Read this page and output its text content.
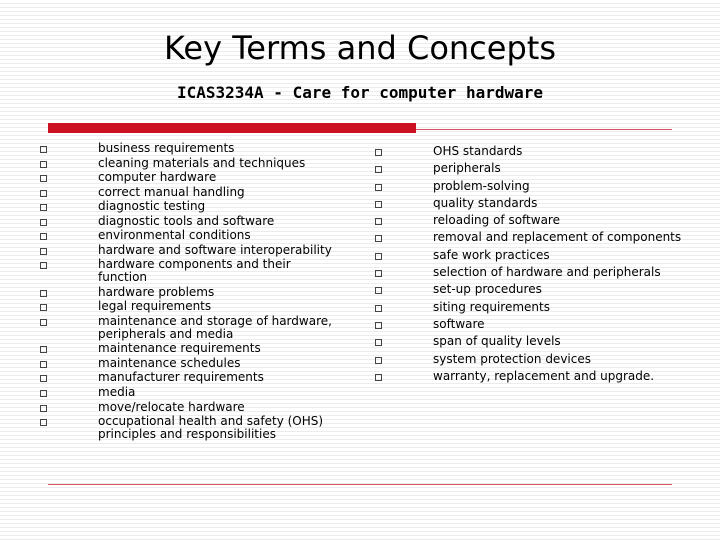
Key Terms and Concepts
ICAS3234A - Care for computer hardware
business requirements
cleaning materials and techniques
computer hardware
correct manual handling
diagnostic testing
diagnostic tools and software
environmental conditions
hardware and software interoperability
hardware components and their function
hardware problems
legal requirements
maintenance and storage of hardware, peripherals and media
maintenance requirements
maintenance schedules
manufacturer requirements
media
move/relocate hardware
occupational health and safety (OHS) principles and responsibilities
OHS standards
peripherals
problem-solving
quality standards
reloading of software
removal and replacement of components
safe work practices
selection of hardware and peripherals
set-up procedures
siting requirements
software
span of quality levels
system protection devices
warranty, replacement and upgrade.
